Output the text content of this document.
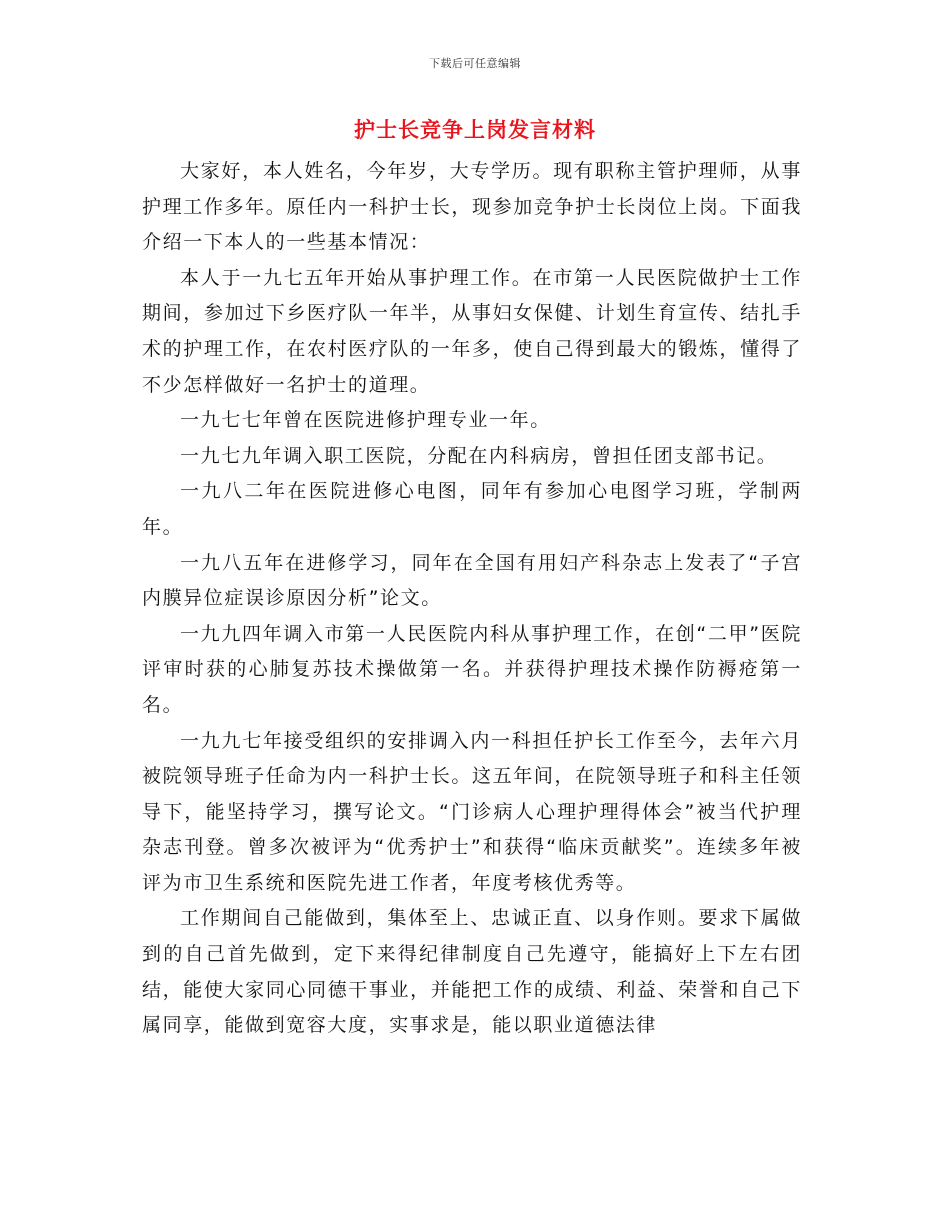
下载后可任意编辑
护士长竞争上岗发言材料

大家好，本人姓名，今年岁，大专学历。现有职称主管护理师，从事护理工作多年。原任内一科护士长，现参加竞争护士长岗位上岗。下面我介绍一下本人的一些基本情况：

本人于一九七五年开始从事护理工作。在市第一人民医院做护士工作期间，参加过下乡医疗队一年半，从事妇女保健、计划生育宣传、结扎手术的护理工作，在农村医疗队的一年多，使自己得到最大的锻炼，懂得了不少怎样做好一名护士的道理。

一九七七年曾在医院进修护理专业一年。

一九七九年调入职工医院，分配在内科病房，曾担任团支部书记。

一九八二年在医院进修心电图，同年有参加心电图学习班，学制两年。

一九八五年在进修学习，同年在全国有用妇产科杂志上发表了“子宫内膜异位症误诊原因分析”论文。

一九九四年调入市第一人民医院内科从事护理工作，在创“二甲”医院评审时获的心肺复苏技术操做第一名。并获得护理技术操作防褥疮第一名。

一九九七年接受组织的安排调入内一科担任护长工作至今，去年六月被院领导班子任命为内一科护士长。这五年间，在院领导班子和科主任领导下，能坚持学习，撰写论文。“门诊病人心理护理得体会”被当代护理杂志刊登。曾多次被评为“优秀护士”和获得“临床贡献奖”。连续多年被评为市卫生系统和医院先进工作者，年度考核优秀等。

工作期间自己能做到，集体至上、忠诚正直、以身作则。要求下属做到的自己首先做到，定下来得纪律制度自己先遵守，能搞好上下左右团结，能使大家同心同德干事业，并能把工作的成绩、利益、荣誉和自己下属同享，能做到宽容大度，实事求是，能以职业道德法律
